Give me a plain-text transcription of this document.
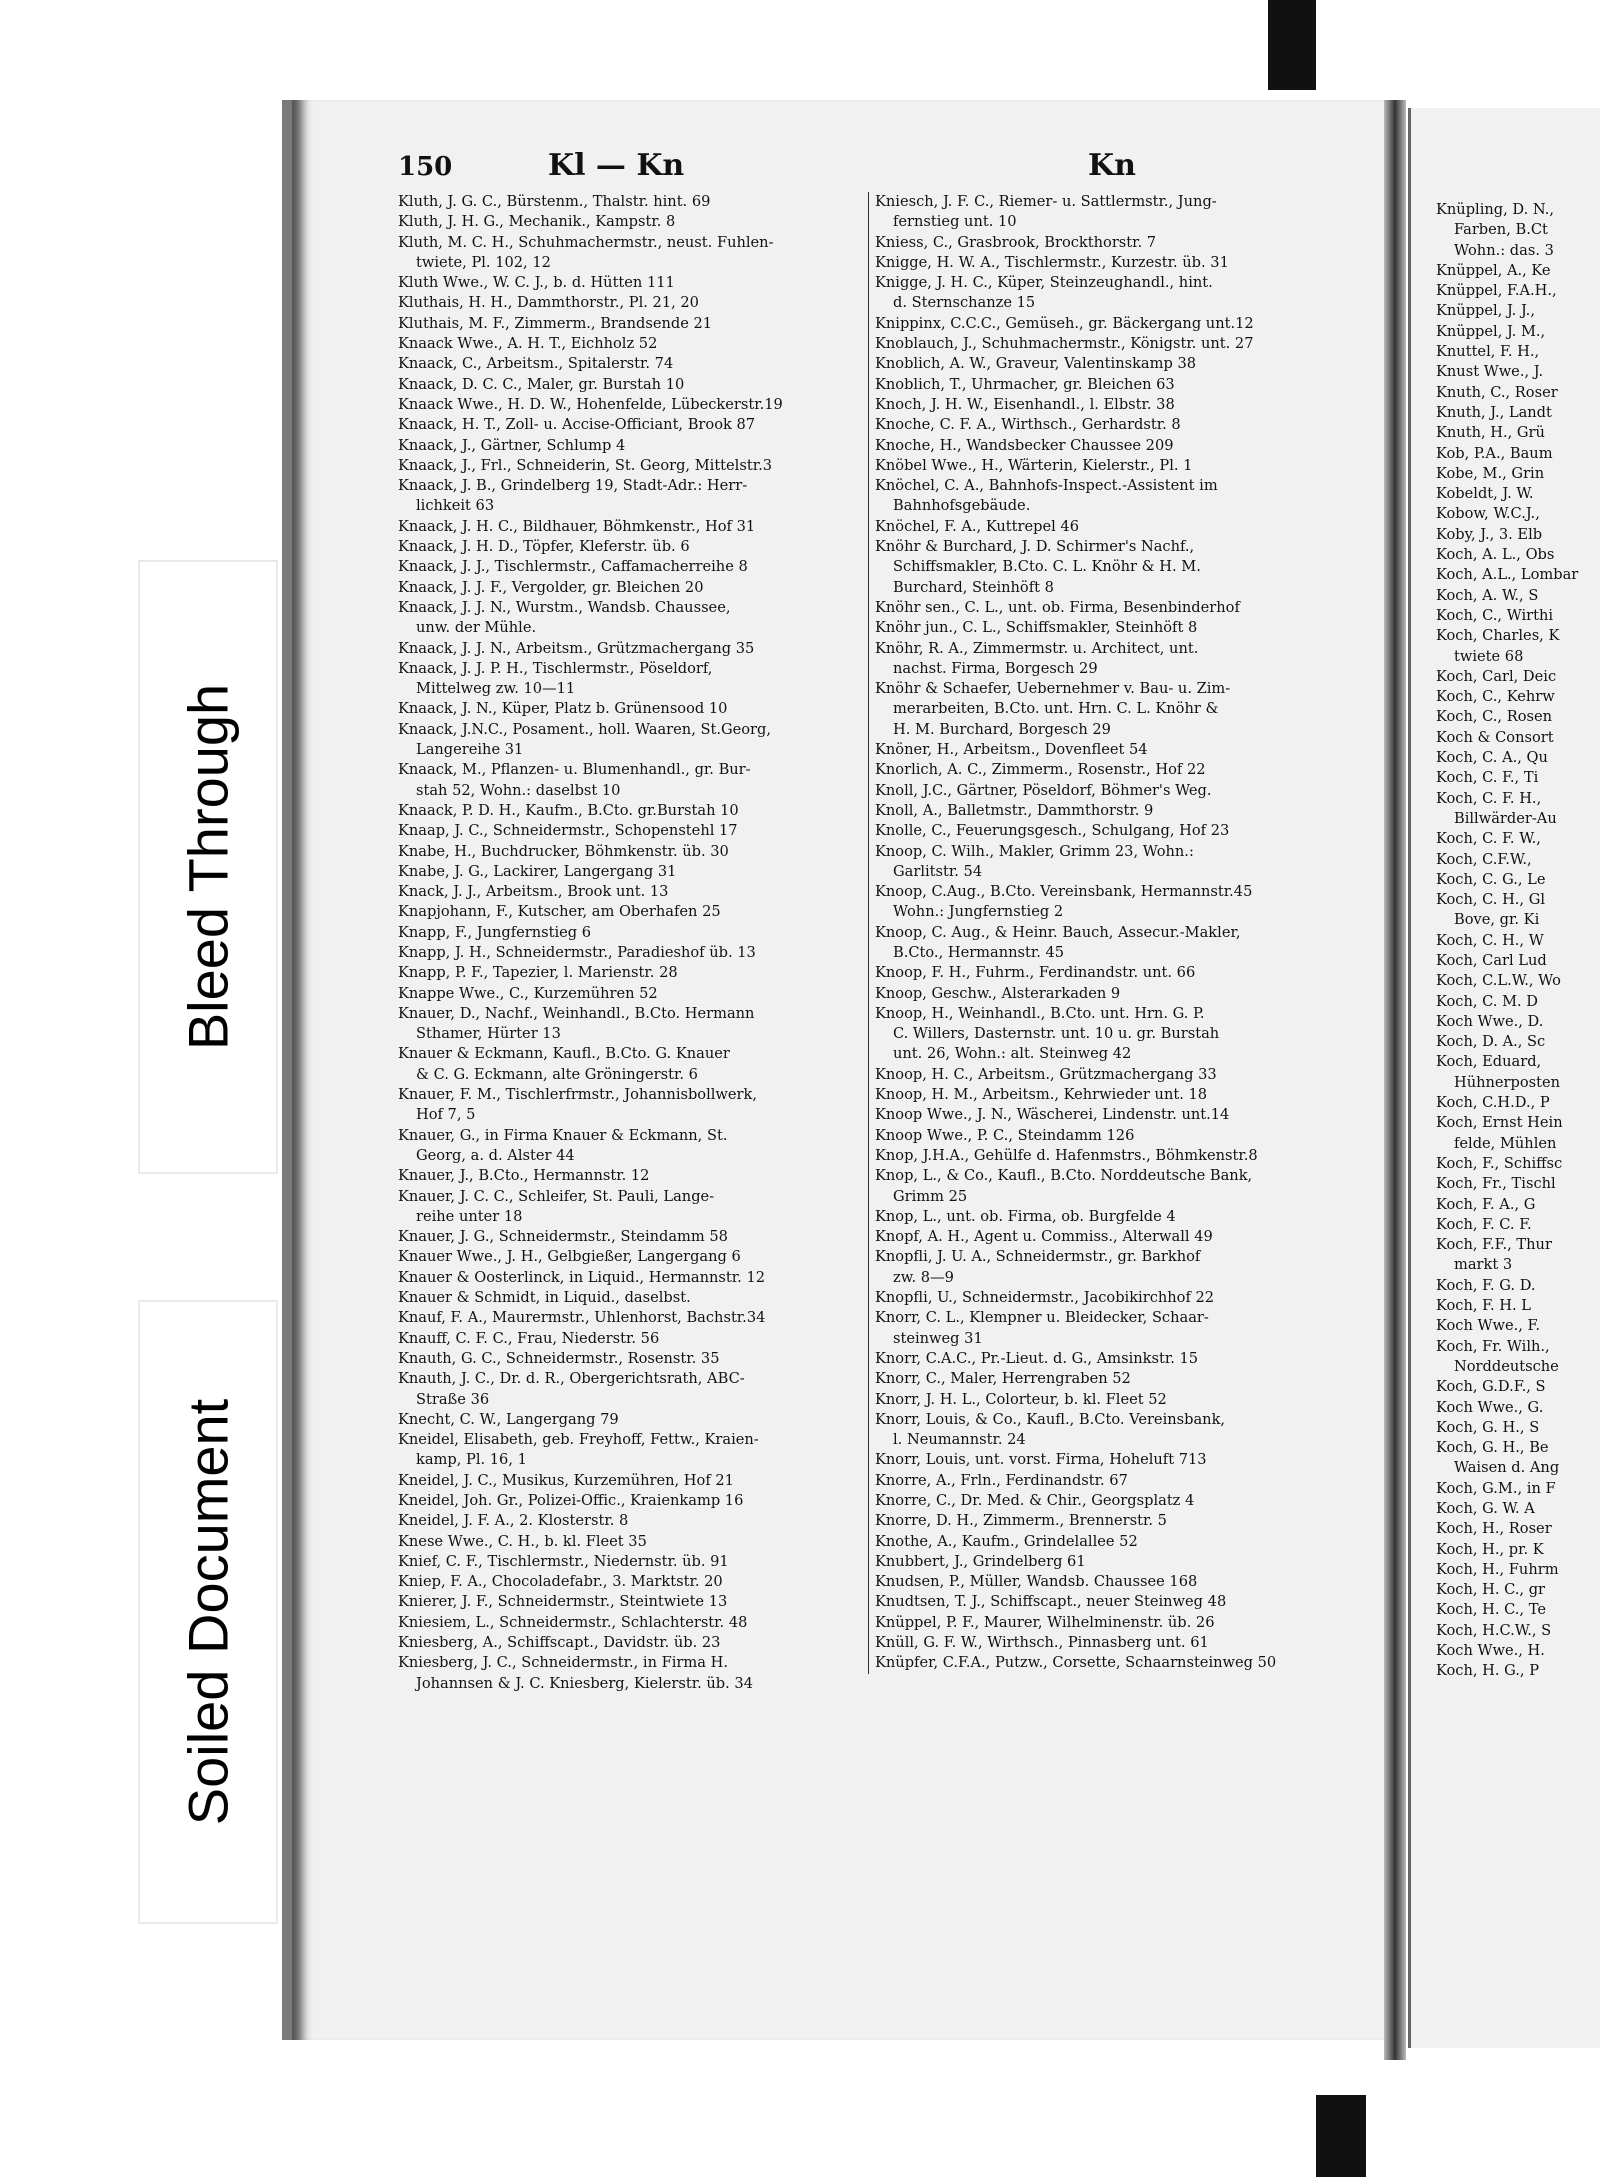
Bleed Through
Soiled Document
150	Kl — Kn	Kn
Kluth, J. G. C., Bürstenm., Thalstr. hint. 69
Kluth, J. H. G., Mechanik., Kampstr. 8
Kluth, M. C. H., Schuhmachermstr., neust. Fuhlen-
twiete, Pl. 102, 12
Kluth Wwe., W. C. J., b. d. Hütten 111
Kluthais, H. H., Dammthorstr., Pl. 21, 20
Kluthais, M. F., Zimmerm., Brandsende 21
Knaack Wwe., A. H. T., Eichholz 52
Knaack, C., Arbeitsm., Spitalerstr. 74
Knaack, D. C. C., Maler, gr. Burstah 10
Knaack Wwe., H. D. W., Hohenfelde, Lübeckerstr.19
Knaack, H. T., Zoll- u. Accise-Officiant, Brook 87
Knaack, J., Gärtner, Schlump 4
Knaack, J., Frl., Schneiderin, St. Georg, Mittelstr.3
Knaack, J. B., Grindelberg 19, Stadt-Adr.: Herr-
lichkeit 63
Knaack, J. H. C., Bildhauer, Böhmkenstr., Hof 31
Knaack, J. H. D., Töpfer, Kleferstr. üb. 6
Knaack, J. J., Tischlermstr., Caffamacherreihe 8
Knaack, J. J. F., Vergolder, gr. Bleichen 20
Knaack, J. J. N., Wurstm., Wandsb. Chaussee,
unw. der Mühle.
Knaack, J. J. N., Arbeitsm., Grützmachergang 35
Knaack, J. J. P. H., Tischlermstr., Pöseldorf,
Mittelweg zw. 10—11
Knaack, J. N., Küper, Platz b. Grünensood 10
Knaack, J.N.C., Posament., holl. Waaren, St.Georg,
Langereihe 31
Knaack, M., Pflanzen- u. Blumenhandl., gr. Bur-
stah 52, Wohn.: daselbst 10
Knaack, P. D. H., Kaufm., B.Cto. gr.Burstah 10
Knaap, J. C., Schneidermstr., Schopenstehl 17
Knabe, H., Buchdrucker, Böhmkenstr. üb. 30
Knabe, J. G., Lackirer, Langergang 31
Knack, J. J., Arbeitsm., Brook unt. 13
Knapjohann, F., Kutscher, am Oberhafen 25
Knapp, F., Jungfernstieg 6
Knapp, J. H., Schneidermstr., Paradieshof üb. 13
Knapp, P. F., Tapezier, l. Marienstr. 28
Knappe Wwe., C., Kurzemühren 52
Knauer, D., Nachf., Weinhandl., B.Cto. Hermann
Sthamer, Hürter 13
Knauer & Eckmann, Kaufl., B.Cto. G. Knauer
& C. G. Eckmann, alte Gröningerstr. 6
Knauer, F. M., Tischlerfrmstr., Johannisbollwerk,
Hof 7, 5
Knauer, G., in Firma Knauer & Eckmann, St.
Georg, a. d. Alster 44
Knauer, J., B.Cto., Hermannstr. 12
Knauer, J. C. C., Schleifer, St. Pauli, Lange-
reihe unter 18
Knauer, J. G., Schneidermstr., Steindamm 58
Knauer Wwe., J. H., Gelbgießer, Langergang 6
Knauer & Oosterlinck, in Liquid., Hermannstr. 12
Knauer & Schmidt, in Liquid., daselbst.
Knauf, F. A., Maurermstr., Uhlenhorst, Bachstr.34
Knauff, C. F. C., Frau, Niederstr. 56
Knauth, G. C., Schneidermstr., Rosenstr. 35
Knauth, J. C., Dr. d. R., Obergerichtsrath, ABC-
Straße 36
Knecht, C. W., Langergang 79
Kneidel, Elisabeth, geb. Freyhoff, Fettw., Kraien-
kamp, Pl. 16, 1
Kneidel, J. C., Musikus, Kurzemühren, Hof 21
Kneidel, Joh. Gr., Polizei-Offic., Kraienkamp 16
Kneidel, J. F. A., 2. Klosterstr. 8
Knese Wwe., C. H., b. kl. Fleet 35
Knief, C. F., Tischlermstr., Niedernstr. üb. 91
Kniep, F. A., Chocoladefabr., 3. Marktstr. 20
Knierer, J. F., Schneidermstr., Steintwiete 13
Kniesiem, L., Schneidermstr., Schlachterstr. 48
Kniesberg, A., Schiffscapt., Davidstr. üb. 23
Kniesberg, J. C., Schneidermstr., in Firma H.
Johannsen & J. C. Kniesberg, Kielerstr. üb. 34
Kniesch, J. F. C., Riemer- u. Sattlermstr., Jung-
fernstieg unt. 10
Kniess, C., Grasbrook, Brockthorstr. 7
Knigge, H. W. A., Tischlermstr., Kurzestr. üb. 31
Knigge, J. H. C., Küper, Steinzeughandl., hint.
d. Sternschanze 15
Knippinx, C.C.C., Gemüseh., gr. Bäckergang unt.12
Knoblauch, J., Schuhmachermstr., Königstr. unt. 27
Knoblich, A. W., Graveur, Valentinskamp 38
Knoblich, T., Uhrmacher, gr. Bleichen 63
Knoch, J. H. W., Eisenhandl., l. Elbstr. 38
Knoche, C. F. A., Wirthsch., Gerhardstr. 8
Knoche, H., Wandsbecker Chaussee 209
Knöbel Wwe., H., Wärterin, Kielerstr., Pl. 1
Knöchel, C. A., Bahnhofs-Inspect.-Assistent im
Bahnhofsgebäude.
Knöchel, F. A., Kuttrepel 46
Knöhr & Burchard, J. D. Schirmer's Nachf.,
Schiffsmakler, B.Cto. C. L. Knöhr & H. M.
Burchard, Steinhöft 8
Knöhr sen., C. L., unt. ob. Firma, Besenbinderhof
Knöhr jun., C. L., Schiffsmakler, Steinhöft 8
Knöhr, R. A., Zimmermstr. u. Architect, unt.
nachst. Firma, Borgesch 29
Knöhr & Schaefer, Uebernehmer v. Bau- u. Zim-
merarbeiten, B.Cto. unt. Hrn. C. L. Knöhr &
H. M. Burchard, Borgesch 29
Knöner, H., Arbeitsm., Dovenfleet 54
Knorlich, A. C., Zimmerm., Rosenstr., Hof 22
Knoll, J.C., Gärtner, Pöseldorf, Böhmer's Weg.
Knoll, A., Balletmstr., Dammthorstr. 9
Knolle, C., Feuerungsgesch., Schulgang, Hof 23
Knoop, C. Wilh., Makler, Grimm 23, Wohn.:
Garlitstr. 54
Knoop, C.Aug., B.Cto. Vereinsbank, Hermannstr.45
Wohn.: Jungfernstieg 2
Knoop, C. Aug., & Heinr. Bauch, Assecur.-Makler,
B.Cto., Hermannstr. 45
Knoop, F. H., Fuhrm., Ferdinandstr. unt. 66
Knoop, Geschw., Alsterarkaden 9
Knoop, H., Weinhandl., B.Cto. unt. Hrn. G. P.
C. Willers, Dasternstr. unt. 10 u. gr. Burstah
unt. 26, Wohn.: alt. Steinweg 42
Knoop, H. C., Arbeitsm., Grützmachergang 33
Knoop, H. M., Arbeitsm., Kehrwieder unt. 18
Knoop Wwe., J. N., Wäscherei, Lindenstr. unt.14
Knoop Wwe., P. C., Steindamm 126
Knop, J.H.A., Gehülfe d. Hafenmstrs., Böhmkenstr.8
Knop, L., & Co., Kaufl., B.Cto. Norddeutsche Bank,
Grimm 25
Knop, L., unt. ob. Firma, ob. Burgfelde 4
Knopf, A. H., Agent u. Commiss., Alterwall 49
Knopfli, J. U. A., Schneidermstr., gr. Barkhof
zw. 8—9
Knopfli, U., Schneidermstr., Jacobikirchhof 22
Knorr, C. L., Klempner u. Bleidecker, Schaar-
steinweg 31
Knorr, C.A.C., Pr.-Lieut. d. G., Amsinkstr. 15
Knorr, C., Maler, Herrengraben 52
Knorr, J. H. L., Colorteur, b. kl. Fleet 52
Knorr, Louis, & Co., Kaufl., B.Cto. Vereinsbank,
l. Neumannstr. 24
Knorr, Louis, unt. vorst. Firma, Hoheluft 713
Knorre, A., Frln., Ferdinandstr. 67
Knorre, C., Dr. Med. & Chir., Georgsplatz 4
Knorre, D. H., Zimmerm., Brennerstr. 5
Knothe, A., Kaufm., Grindelallee 52
Knubbert, J., Grindelberg 61
Knudsen, P., Müller, Wandsb. Chaussee 168
Knudtsen, T. J., Schiffscapt., neuer Steinweg 48
Knüppel, P. F., Maurer, Wilhelminenstr. üb. 26
Knüll, G. F. W., Wirthsch., Pinnasberg unt. 61
Knüpfer, C.F.A., Putzw., Corsette, Schaarnsteinweg 50
Knüpling, D. N.,
Farben, B.Ct
Wohn.: das. 3
Knüppel, A., Ke
Knüppel, F.A.H.,
Knüppel, J. J.,
Knüppel, J. M.,
Knuttel, F. H.,
Knust Wwe., J.
Knuth, C., Roser
Knuth, J., Landt
Knuth, H., Grü
Kob, P.A., Baum
Kobe, M., Grin
Kobeldt, J. W.
Kobow, W.C.J.,
Koby, J., 3. Elb
Koch, A. L., Obs
Koch, A.L., Lombar
Koch, A. W., S
Koch, C., Wirthi
Koch, Charles, K
twiete 68
Koch, Carl, Deic
Koch, C., Kehrw
Koch, C., Rosen
Koch & Consort
Koch, C. A., Qu
Koch, C. F., Ti
Koch, C. F. H.,
Billwärder-Au
Koch, C. F. W.,
Koch, C.F.W.,
Koch, C. G., Le
Koch, C. H., Gl
Bove, gr. Ki
Koch, C. H., W
Koch, Carl Lud
Koch, C.L.W., Wo
Koch, C. M. D
Koch Wwe., D.
Koch, D. A., Sc
Koch, Eduard,
Hühnerposten
Koch, C.H.D., P
Koch, Ernst Hein
felde, Mühlen
Koch, F., Schiffsc
Koch, Fr., Tischl
Koch, F. A., G
Koch, F. C. F.
Koch, F.F., Thur
markt 3
Koch, F. G. D.
Koch, F. H. L
Koch Wwe., F.
Koch, Fr. Wilh.,
Norddeutsche
Koch, G.D.F., S
Koch Wwe., G.
Koch, G. H., S
Koch, G. H., Be
Waisen d. Ang
Koch, G.M., in F
Koch, G. W. A
Koch, H., Roser
Koch, H., pr. K
Koch, H., Fuhrm
Koch, H. C., gr
Koch, H. C., Te
Koch, H.C.W., S
Koch Wwe., H.
Koch, H. G., P
